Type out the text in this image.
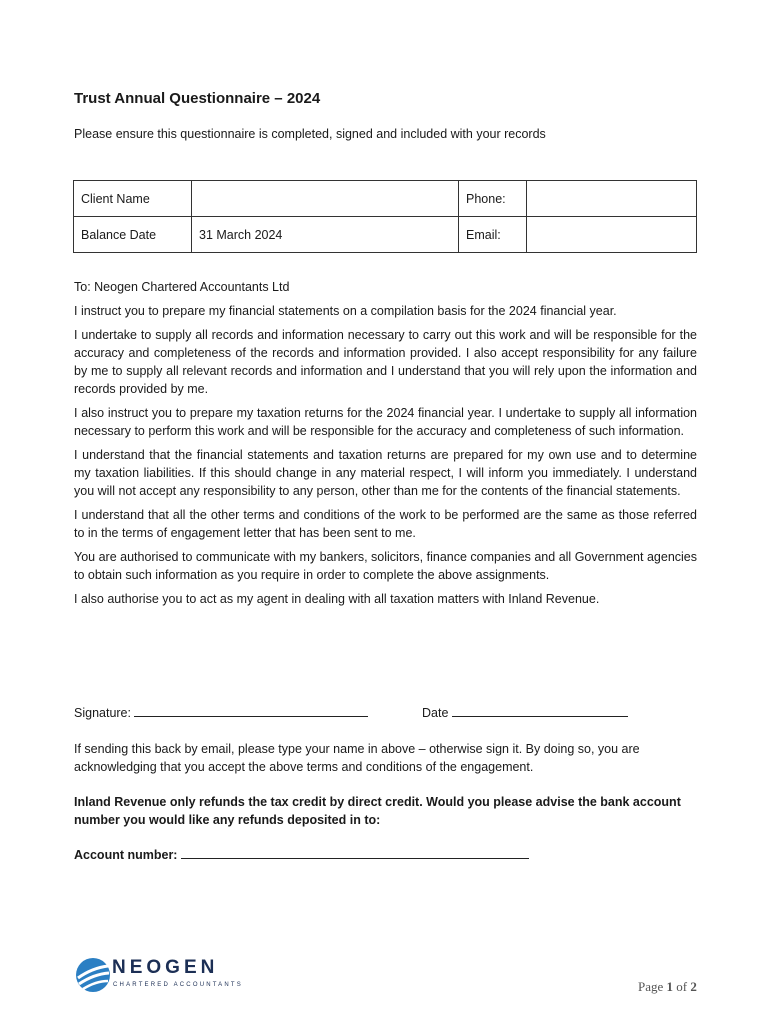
Trust Annual Questionnaire – 2024
Please ensure this questionnaire is completed, signed and included with your records
Client Name		Phone:	
Balance Date	31 March 2024	Email:	

To: Neogen Chartered Accountants Ltd

I instruct you to prepare my financial statements on a compilation basis for the 2024 financial year.

I undertake to supply all records and information necessary to carry out this work and will be responsible for the accuracy and completeness of the records and information provided. I also accept responsibility for any failure by me to supply all relevant records and information and I understand that you will rely upon the information and records provided by me.

I also instruct you to prepare my taxation returns for the 2024 financial year. I undertake to supply all information necessary to perform this work and will be responsible for the accuracy and completeness of such information.

I understand that the financial statements and taxation returns are prepared for my own use and to determine my taxation liabilities. If this should change in any material respect, I will inform you immediately. I understand you will not accept any responsibility to any person, other than me for the contents of the financial statements.

I understand that all the other terms and conditions of the work to be performed are the same as those referred to in the terms of engagement letter that has been sent to me.

You are authorised to communicate with my bankers, solicitors, finance companies and all Government agencies to obtain such information as you require in order to complete the above assignments.

I also authorise you to act as my agent in dealing with all taxation matters with Inland Revenue.

Signature:	Date
If sending this back by email, please type your name in above – otherwise sign it. By doing so, you are acknowledging that you accept the above terms and conditions of the engagement.
Inland Revenue only refunds the tax credit by direct credit. Would you please advise the bank account number you would like any refunds deposited in to:
Account number:
NEOGEN
CHARTERED ACCOUNTANTS	Page 1 of 2
